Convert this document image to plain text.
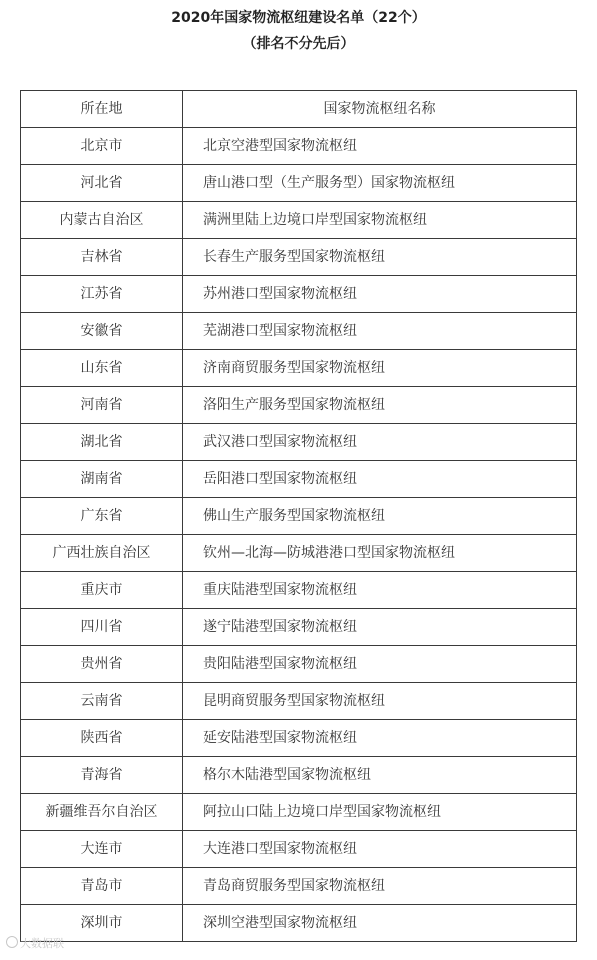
2020年国家物流枢纽建设名单（22个）
（排名不分先后）
所在地	国家物流枢纽名称
北京市	北京空港型国家物流枢纽
河北省	唐山港口型（生产服务型）国家物流枢纽
内蒙古自治区	满洲里陆上边境口岸型国家物流枢纽
吉林省	长春生产服务型国家物流枢纽
江苏省	苏州港口型国家物流枢纽
安徽省	芜湖港口型国家物流枢纽
山东省	济南商贸服务型国家物流枢纽
河南省	洛阳生产服务型国家物流枢纽
湖北省	武汉港口型国家物流枢纽
湖南省	岳阳港口型国家物流枢纽
广东省	佛山生产服务型国家物流枢纽
广西壮族自治区	钦州—北海—防城港港口型国家物流枢纽
重庆市	重庆陆港型国家物流枢纽
四川省	遂宁陆港型国家物流枢纽
贵州省	贵阳陆港型国家物流枢纽
云南省	昆明商贸服务型国家物流枢纽
陕西省	延安陆港型国家物流枢纽
青海省	格尔木陆港型国家物流枢纽
新疆维吾尔自治区	阿拉山口陆上边境口岸型国家物流枢纽
大连市	大连港口型国家物流枢纽
青岛市	青岛商贸服务型国家物流枢纽
深圳市	深圳空港型国家物流枢纽
大数据联
